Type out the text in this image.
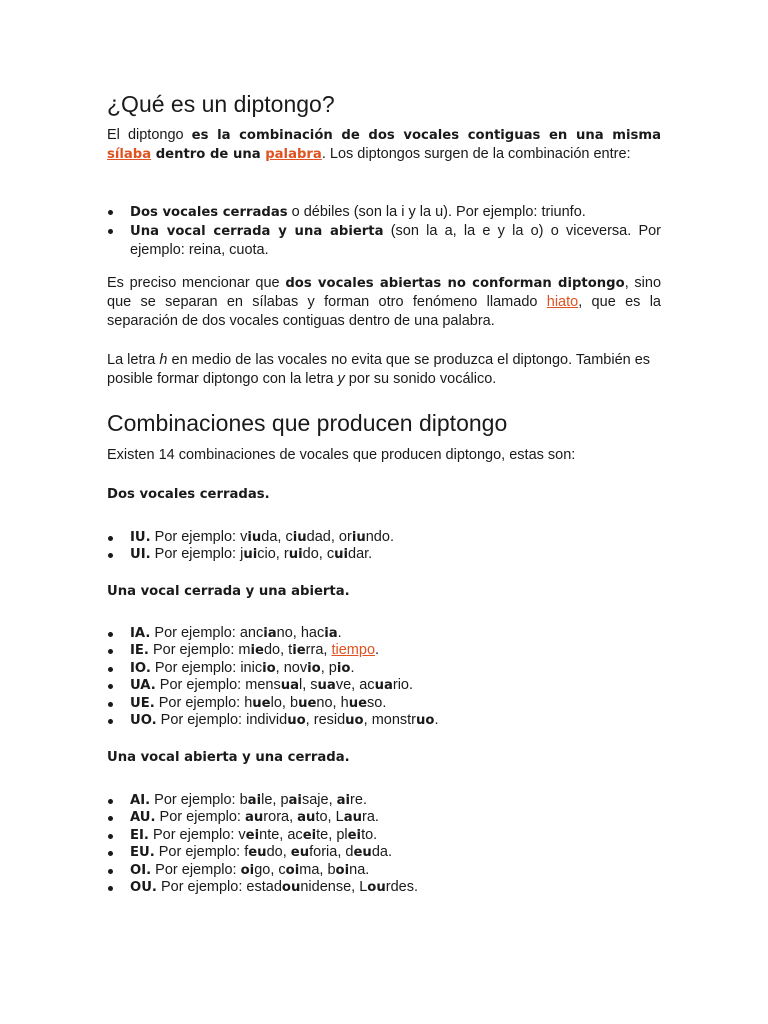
¿Qué es un diptongo?

El diptongo es la combinación de dos vocales contiguas en una misma sílaba dentro de una palabra. Los diptongos surgen de la combinación entre:

Dos vocales cerradas o débiles (son la i y la u). Por ejemplo: triunfo.
Una vocal cerrada y una abierta (son la a, la e y la o) o viceversa. Por ejemplo: reina, cuota.

Es preciso mencionar que dos vocales abiertas no conforman diptongo, sino que se separan en sílabas y forman otro fenómeno llamado hiato, que es la separación de dos vocales contiguas dentro de una palabra.

La letra h en medio de las vocales no evita que se produzca el diptongo. También es posible formar diptongo con la letra y por su sonido vocálico.

Combinaciones que producen diptongo

Existen 14 combinaciones de vocales que producen diptongo, estas son:

Dos vocales cerradas.

IU. Por ejemplo: viuda, ciudad, oriundo.
UI. Por ejemplo: juicio, ruido, cuidar.

Una vocal cerrada y una abierta.

IA. Por ejemplo: anciano, hacia.
IE. Por ejemplo: miedo, tierra, tiempo.
IO. Por ejemplo: inicio, novio, pio.
UA. Por ejemplo: mensual, suave, acuario.
UE. Por ejemplo: huelo, bueno, hueso.
UO. Por ejemplo: individuo, residuo, monstruo.

Una vocal abierta y una cerrada.

AI. Por ejemplo: baile, paisaje, aire.
AU. Por ejemplo: aurora, auto, Laura.
EI. Por ejemplo: veinte, aceite, pleito.
EU. Por ejemplo: feudo, euforia, deuda.
OI. Por ejemplo: oigo, coima, boina.
OU. Por ejemplo: estadounidense, Lourdes.
